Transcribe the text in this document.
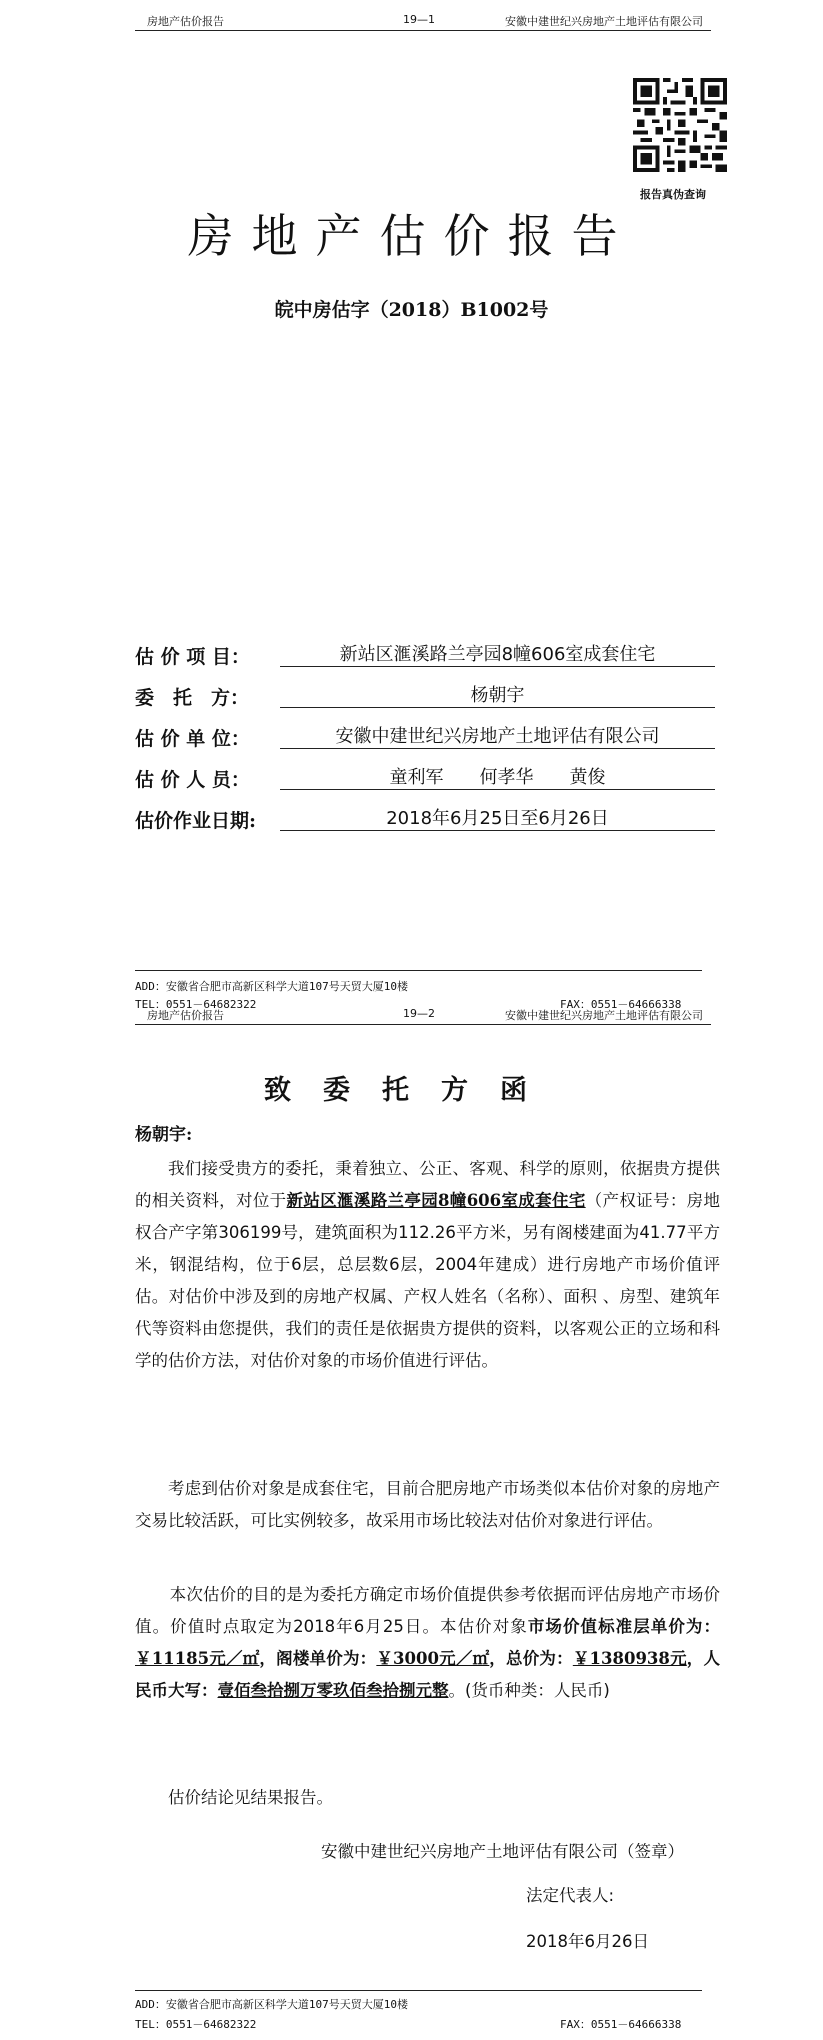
房地产估价报告	19—1	安徽中建世纪兴房地产土地评估有限公司
报告真伪查询
房地产估价报告
皖中房估字（2018）B1002号
估 价 项 目：	新站区滙溪路兰亭园8幢606室成套住宅
委　托　方：	杨朝宇
估 价 单 位：	安徽中建世纪兴房地产土地评估有限公司
估 价 人 员：	童利军　　何孝华　　黄俊
估价作业日期:	2018年6月25日至6月26日
ADD：安徽省合肥市高新区科学大道107号天贸大厦10楼
TEL：0551－64682322	FAX：0551－64666338
房地产估价报告	19—2	安徽中建世纪兴房地产土地评估有限公司
致委托方函
杨朝宇:
我们接受贵方的委托，秉着独立、公正、客观、科学的原则，依据贵方提供的相关资料，对位于新站区滙溪路兰亭园8幢606室成套住宅（产权证号：房地权合产字第306199号，建筑面积为112.26平方米，另有阁楼建面为41.77平方米，钢混结构，位于6层，总层数6层，2004年建成）进行房地产市场价值评估。对估价中涉及到的房地产权属、产权人姓名（名称）、面积 、房型、建筑年代等资料由您提供，我们的责任是依据贵方提供的资料，以客观公正的立场和科学的估价方法，对估价对象的市场价值进行评估。
考虑到估价对象是成套住宅，目前合肥房地产市场类似本估价对象的房地产交易比较活跃，可比实例较多，故采用市场比较法对估价对象进行评估。
本次估价的目的是为委托方确定市场价值提供参考依据而评估房地产市场价值。价值时点取定为2018年6月25日。本估价对象市场价值标准层单价为：￥11185元／㎡，阁楼单价为：￥3000元／㎡，总价为：￥1380938元，人民币大写：壹佰叁拾捌万零玖佰叁拾捌元整。(货币种类：人民币)
估价结论见结果报告。
安徽中建世纪兴房地产土地评估有限公司（签章）
法定代表人:
2018年6月26日
ADD：安徽省合肥市高新区科学大道107号天贸大厦10楼
TEL：0551－64682322	FAX：0551－64666338
